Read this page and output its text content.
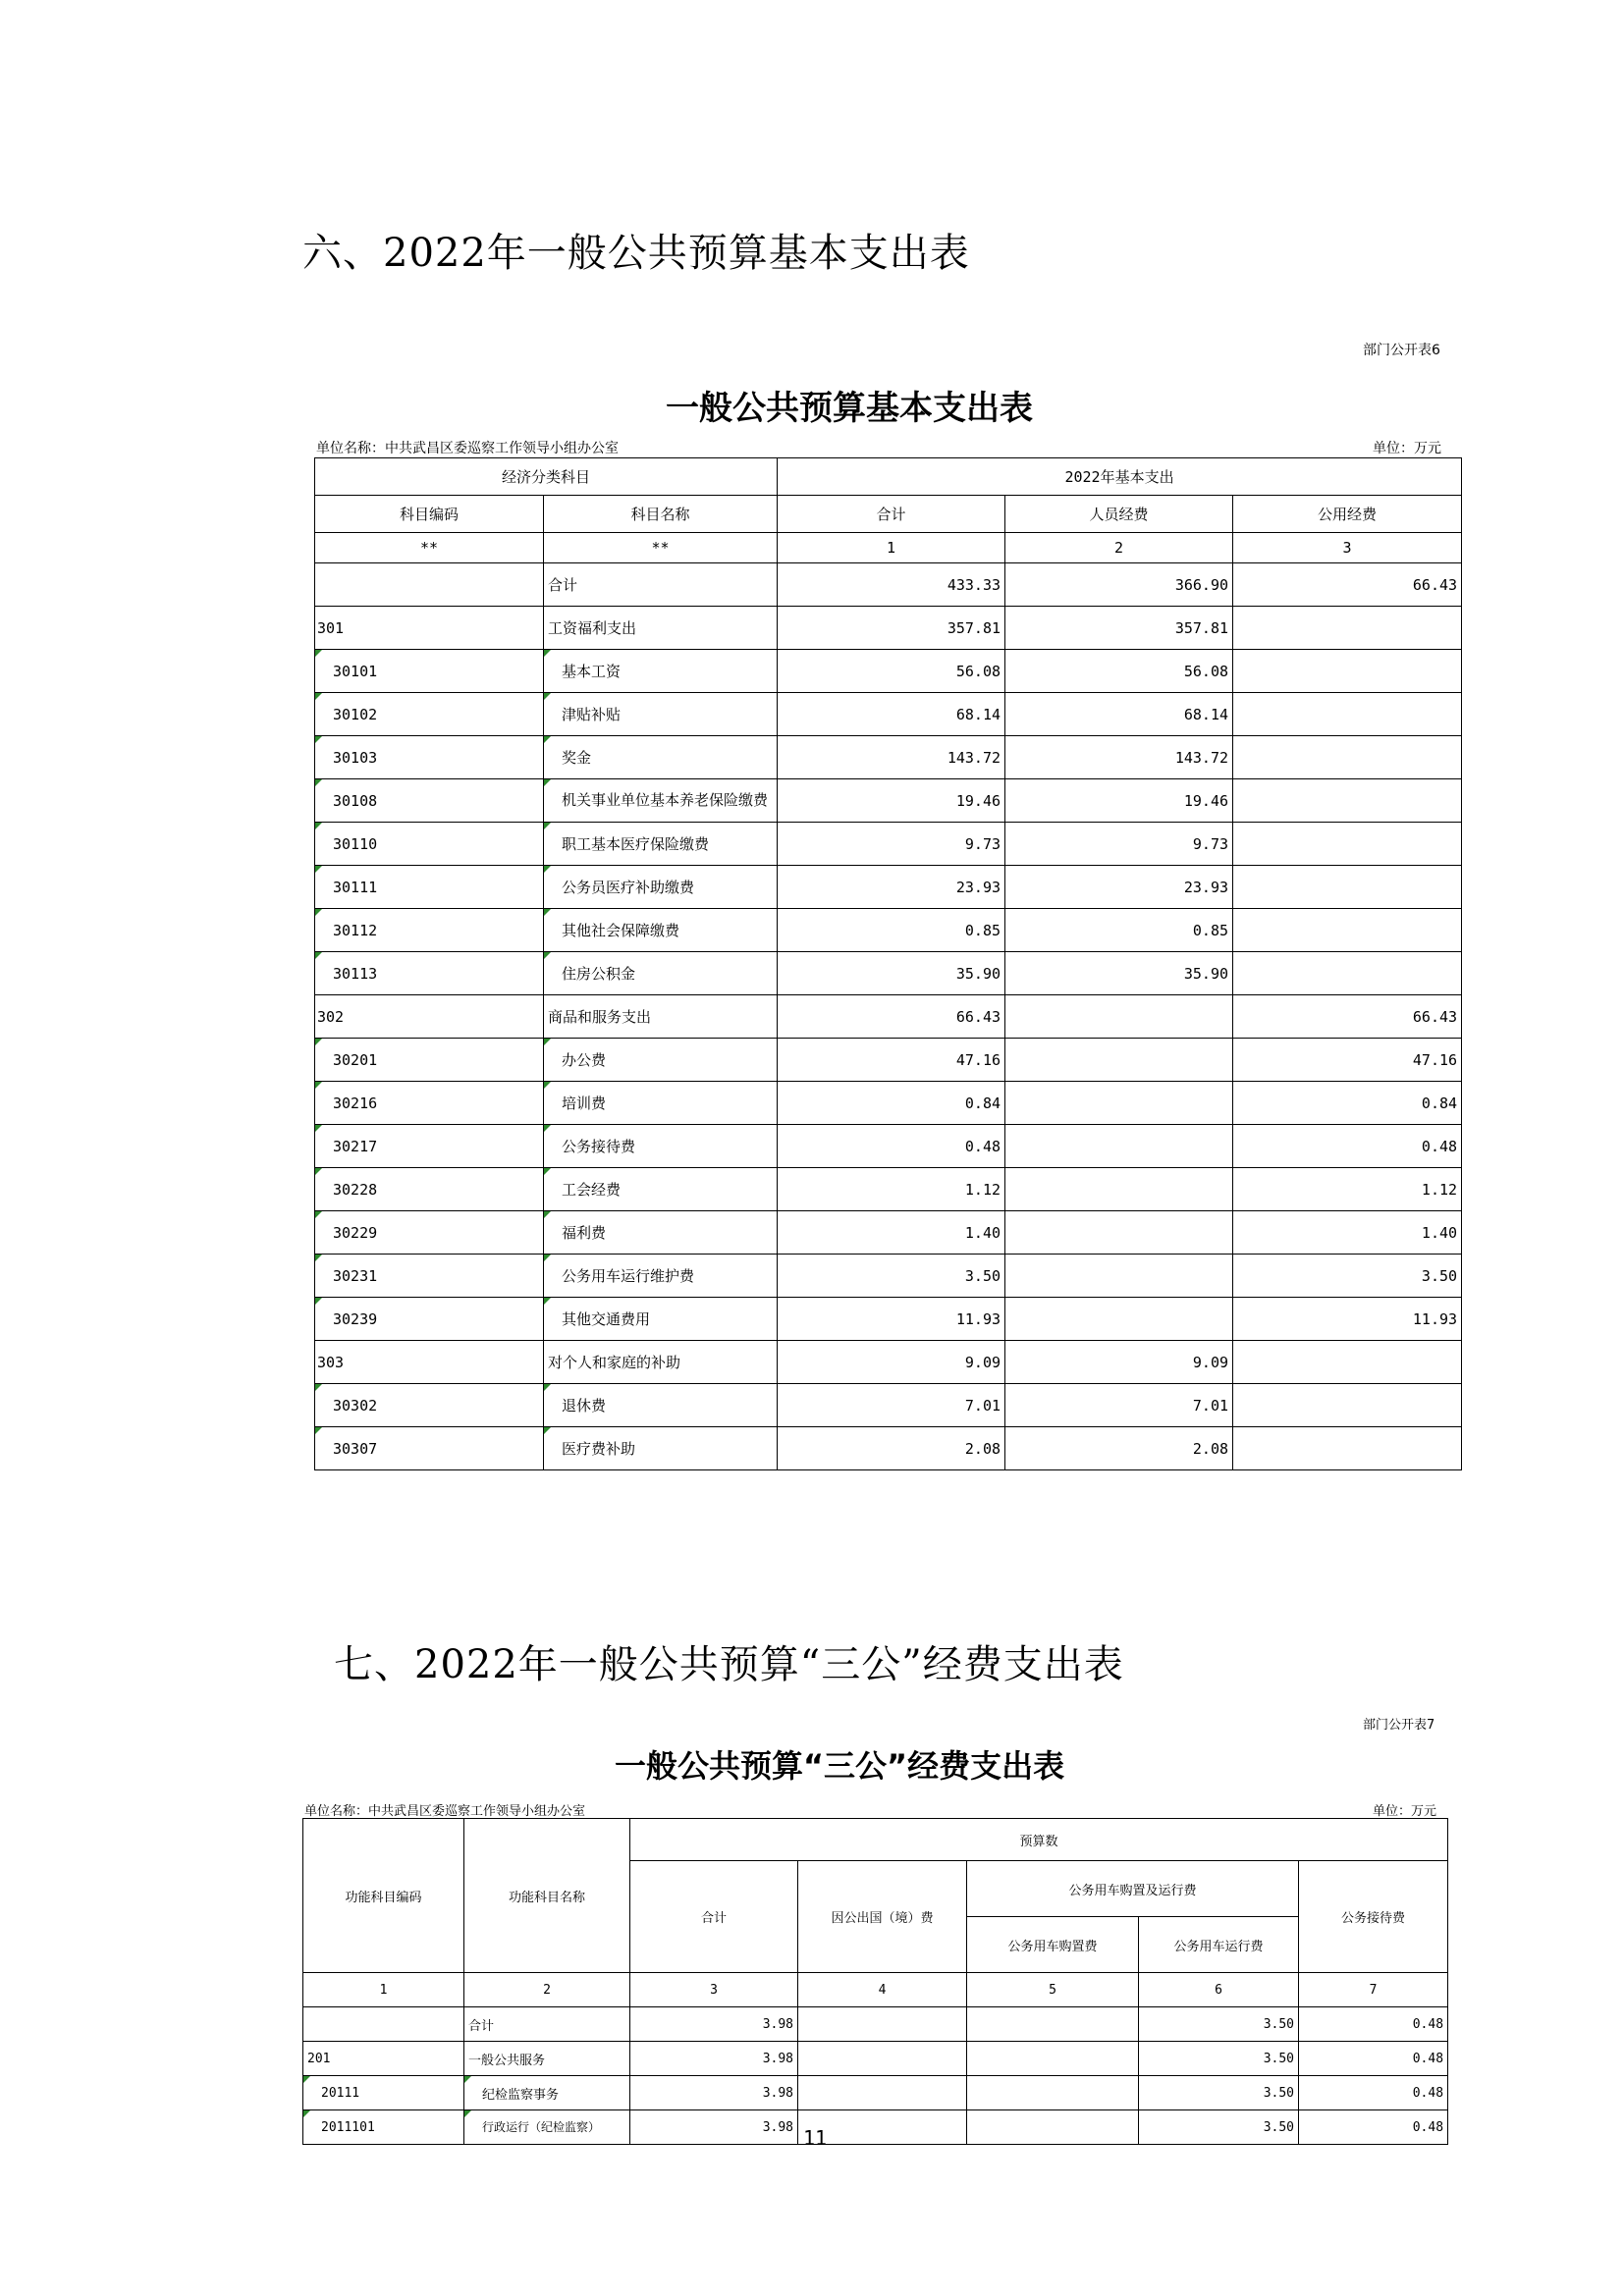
六、2022年一般公共预算基本支出表
部门公开表6
一般公共预算基本支出表
单位名称：中共武昌区委巡察工作领导小组办公室	单位：万元
经济分类科目		2022年基本支出		
科目编码	科目名称	合计	人员经费	公用经费
**	**	1	2	3
	合计	433.33	366.90	66.43
301	工资福利支出	357.81	357.81	
30101	基本工资	56.08	56.08	
30102	津贴补贴	68.14	68.14	
30103	奖金	143.72	143.72	
30108	机关事业单位基本养老保险缴费	19.46	19.46	
30110	职工基本医疗保险缴费	9.73	9.73	
30111	公务员医疗补助缴费	23.93	23.93	
30112	其他社会保障缴费	0.85	0.85	
30113	住房公积金	35.90	35.90	
302	商品和服务支出	66.43		66.43
30201	办公费	47.16		47.16
30216	培训费	0.84		0.84
30217	公务接待费	0.48		0.48
30228	工会经费	1.12		1.12
30229	福利费	1.40		1.40
30231	公务用车运行维护费	3.50		3.50
30239	其他交通费用	11.93		11.93
303	对个人和家庭的补助	9.09	9.09	
30302	退休费	7.01	7.01	
30307	医疗费补助	2.08	2.08	
七、2022年一般公共预算“三公”经费支出表
部门公开表7
一般公共预算“三公”经费支出表
单位名称：中共武昌区委巡察工作领导小组办公室	单位：万元
功能科目编码	功能科目名称	预算数				
		合计	因公出国（境）费	公务用车购置及运行费		公务接待费
				公务用车购置费	公务用车运行费	
1	2	3	4	5	6	7
	合计	3.98			3.50	0.48
201	一般公共服务	3.98			3.50	0.48
20111	纪检监察事务	3.98			3.50	0.48
2011101	行政运行（纪检监察）	3.98			3.50	0.48
11
